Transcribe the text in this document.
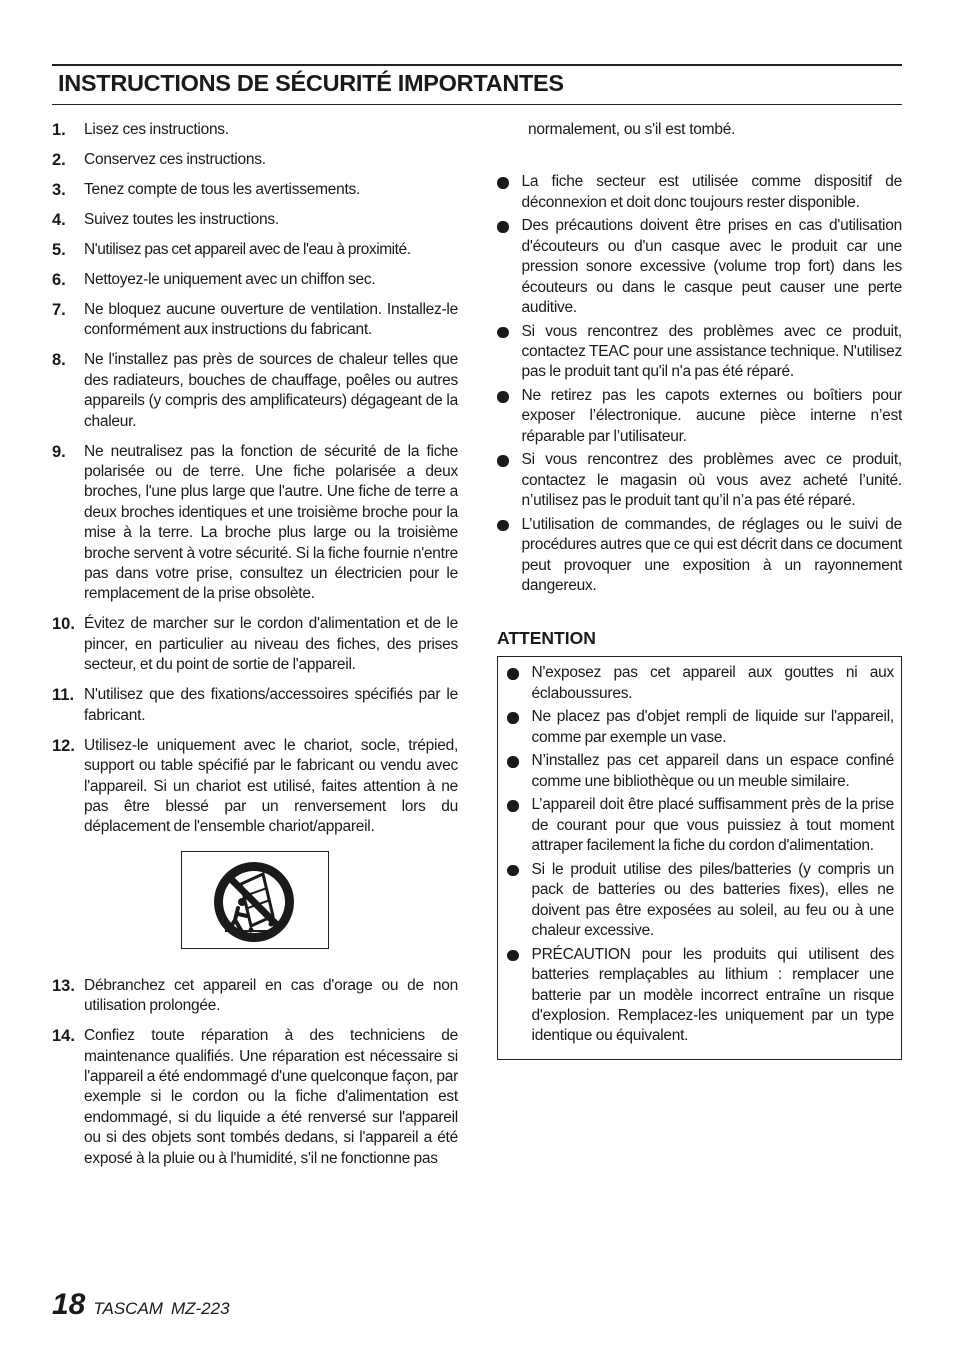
INSTRUCTIONS DE SÉCURITÉ IMPORTANTES
1.	Lisez ces instructions.
2.	Conservez ces instructions.
3.	Tenez compte de tous les avertissements.
4.	Suivez toutes les instructions.
5.	N'utilisez pas cet appareil avec de l'eau à proximité.
6.	Nettoyez-le uniquement avec un chiffon sec.
7.	Ne bloquez aucune ouverture de ventilation. Installez-le conformément aux instructions du fabricant.
8.	Ne l'installez pas près de sources de chaleur telles que des radiateurs, bouches de chauffage, poêles ou autres appareils (y compris des amplificateurs) dégageant de la chaleur.
9.	Ne neutralisez pas la fonction de sécurité de la fiche polarisée ou de terre. Une fiche polarisée a deux broches, l'une plus large que l'autre. Une fiche de terre a deux broches identiques et une troisième broche pour la mise à la terre. La broche plus large ou la troisième broche servent à votre sécurité. Si la fiche fournie n'entre pas dans votre prise, consultez un électricien pour le remplacement de la prise obsolète.
10. Évitez de marcher sur le cordon d'alimentation et de le pincer, en particulier au niveau des fiches, des prises secteur, et du point de sortie de l'appareil.
11. N'utilisez que des fixations/accessoires spécifiés par le fabricant.
12. Utilisez-le uniquement avec le chariot, socle, trépied, support ou table spécifié par le fabricant ou vendu avec l'appareil. Si un chariot est utilisé, faites attention à ne pas être blessé par un renversement lors du déplacement de l'ensemble chariot/appareil.
13. Débranchez cet appareil en cas d'orage ou de non utilisation prolongée.
14. Confiez toute réparation à des techniciens de maintenance qualifiés. Une réparation est nécessaire si l'appareil a été endommagé d'une quelconque façon, par exemple si le cordon ou la fiche d'alimentation est endommagé, si du liquide a été renversé sur l'appareil ou si des objets sont tombés dedans, si l'appareil a été exposé à la pluie ou à l'humidité, s'il ne fonctionne pas
normalement, ou s'il est tombé.
La fiche secteur est utilisée comme dispositif de déconnexion et doit donc toujours rester disponible.
Des précautions doivent être prises en cas d'utilisation d'écouteurs ou d'un casque avec le produit car une pression sonore excessive (volume trop fort) dans les écouteurs ou dans le casque peut causer une perte auditive.
Si vous rencontrez des problèmes avec ce produit, contactez TEAC pour une assistance technique. N'utilisez pas le produit tant qu'il n'a pas été réparé.
Ne retirez pas les capots externes ou boîtiers pour exposer l’électronique. aucune pièce interne n’est réparable par l’utilisateur.
Si vous rencontrez des problèmes avec ce produit, contactez le magasin où vous avez acheté l’unité. n’utilisez pas le produit tant qu’il n’a pas été réparé.
L’utilisation de commandes, de réglages ou le suivi de procédures autres que ce qui est décrit dans ce document peut provoquer une exposition à un rayonnement dangereux.
ATTENTION
N'exposez pas cet appareil aux gouttes ni aux éclaboussures.
Ne placez pas d'objet rempli de liquide sur l'appareil, comme par exemple un vase.
N’installez pas cet appareil dans un espace confiné comme une bibliothèque ou un meuble similaire.
L’appareil doit être placé suffisamment près de la prise de courant pour que vous puissiez à tout moment attraper facilement la fiche du cordon d'alimentation.
Si le produit utilise des piles/batteries (y compris un pack de batteries ou des batteries fixes), elles ne doivent pas être exposées au soleil, au feu ou à une chaleur excessive.
PRÉCAUTION pour les produits qui utilisent des batteries remplaçables au lithium : remplacer une batterie par un modèle incorrect entraîne un risque d'explosion. Remplacez-les uniquement par un type identique ou équivalent.
18 TASCAM MZ-223
